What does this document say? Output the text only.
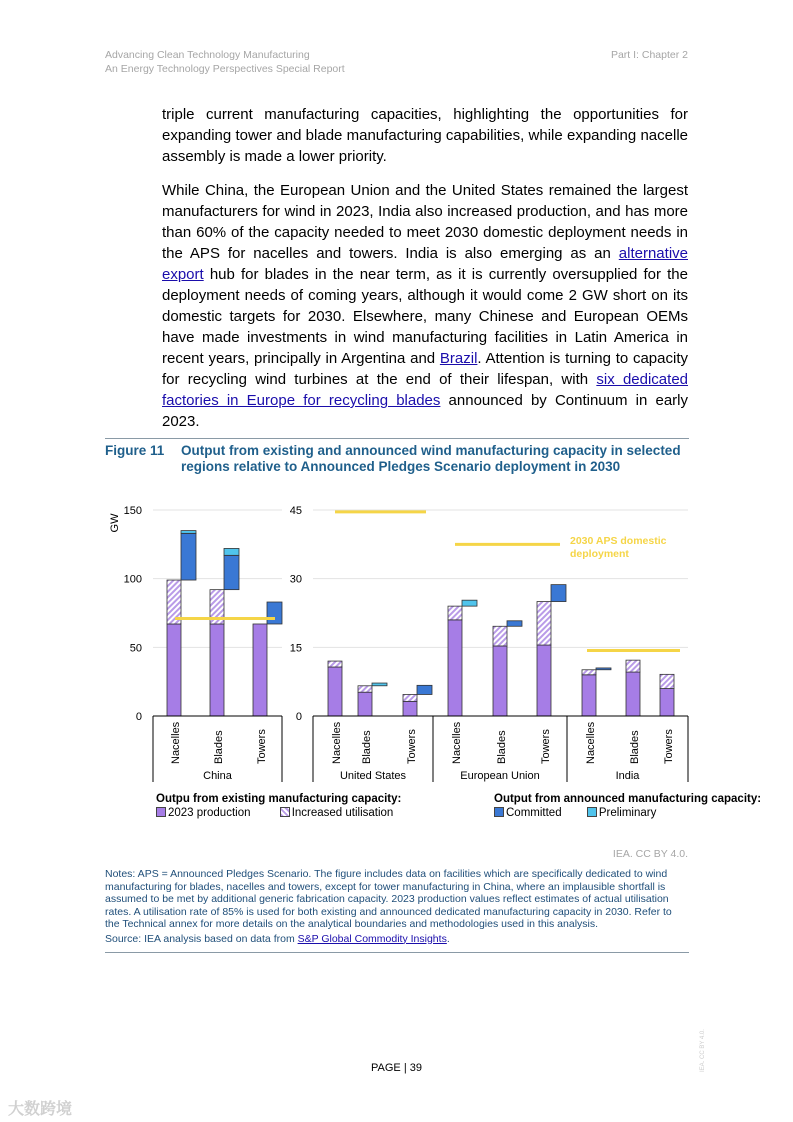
Advancing Clean Technology Manufacturing
An Energy Technology Perspectives Special Report
Part I: Chapter 2

triple current manufacturing capacities, highlighting the opportunities for expanding tower and blade manufacturing capabilities, while expanding nacelle assembly is made a lower priority.

While China, the European Union and the United States remained the largest manufacturers for wind in 2023, India also increased production, and has more than 60% of the capacity needed to meet 2030 domestic deployment needs in the APS for nacelles and towers. India is also emerging as an alternative export hub for blades in the near term, as it is currently oversupplied for the deployment needs of coming years, although it would come 2 GW short on its domestic targets for 2030. Elsewhere, many Chinese and European OEMs have made investments in wind manufacturing facilities in Latin America in recent years, principally in Argentina and Brazil. Attention is turning to capacity for recycling wind turbines at the end of their lifespan, with six dedicated factories in Europe for recycling blades announced by Continuum in early 2023.

Figure 11 Output from existing and announced wind manufacturing capacity in selected regions relative to Announced Pledges Scenario deployment in 2030
0
50
100
150
0
15
30
45
Nacelles	Blades	Towers
China
Nacelles Blades	Towers
United States
Nacelles	Blades	Towers
European Union
Nacelles	Blades Towers
India
GW
2030 APS domestic
deployment
Outpu from existing manufacturing capacity:
2023 production	Increased utilisation
Output from announced manufacturing capacity:
Committed	Preliminary
IEA. CC BY 4.0.

Notes: APS = Announced Pledges Scenario. The figure includes data on facilities which are specifically dedicated to wind manufacturing for blades, nacelles and towers, except for tower manufacturing in China, where an implausible shortfall is assumed to be met by additional generic fabrication capacity. 2023 production values reflect estimates of actual utilisation rates. A utilisation rate of 85% is used for both existing and announced dedicated manufacturing capacity in 2030. Refer to the Technical annex for more details on the analytical boundaries and methodologies used in this analysis.

Source: IEA analysis based on data from S&P Global Commodity Insights.

PAGE | 39	IEA. CC BY 4.0.
大数跨境
